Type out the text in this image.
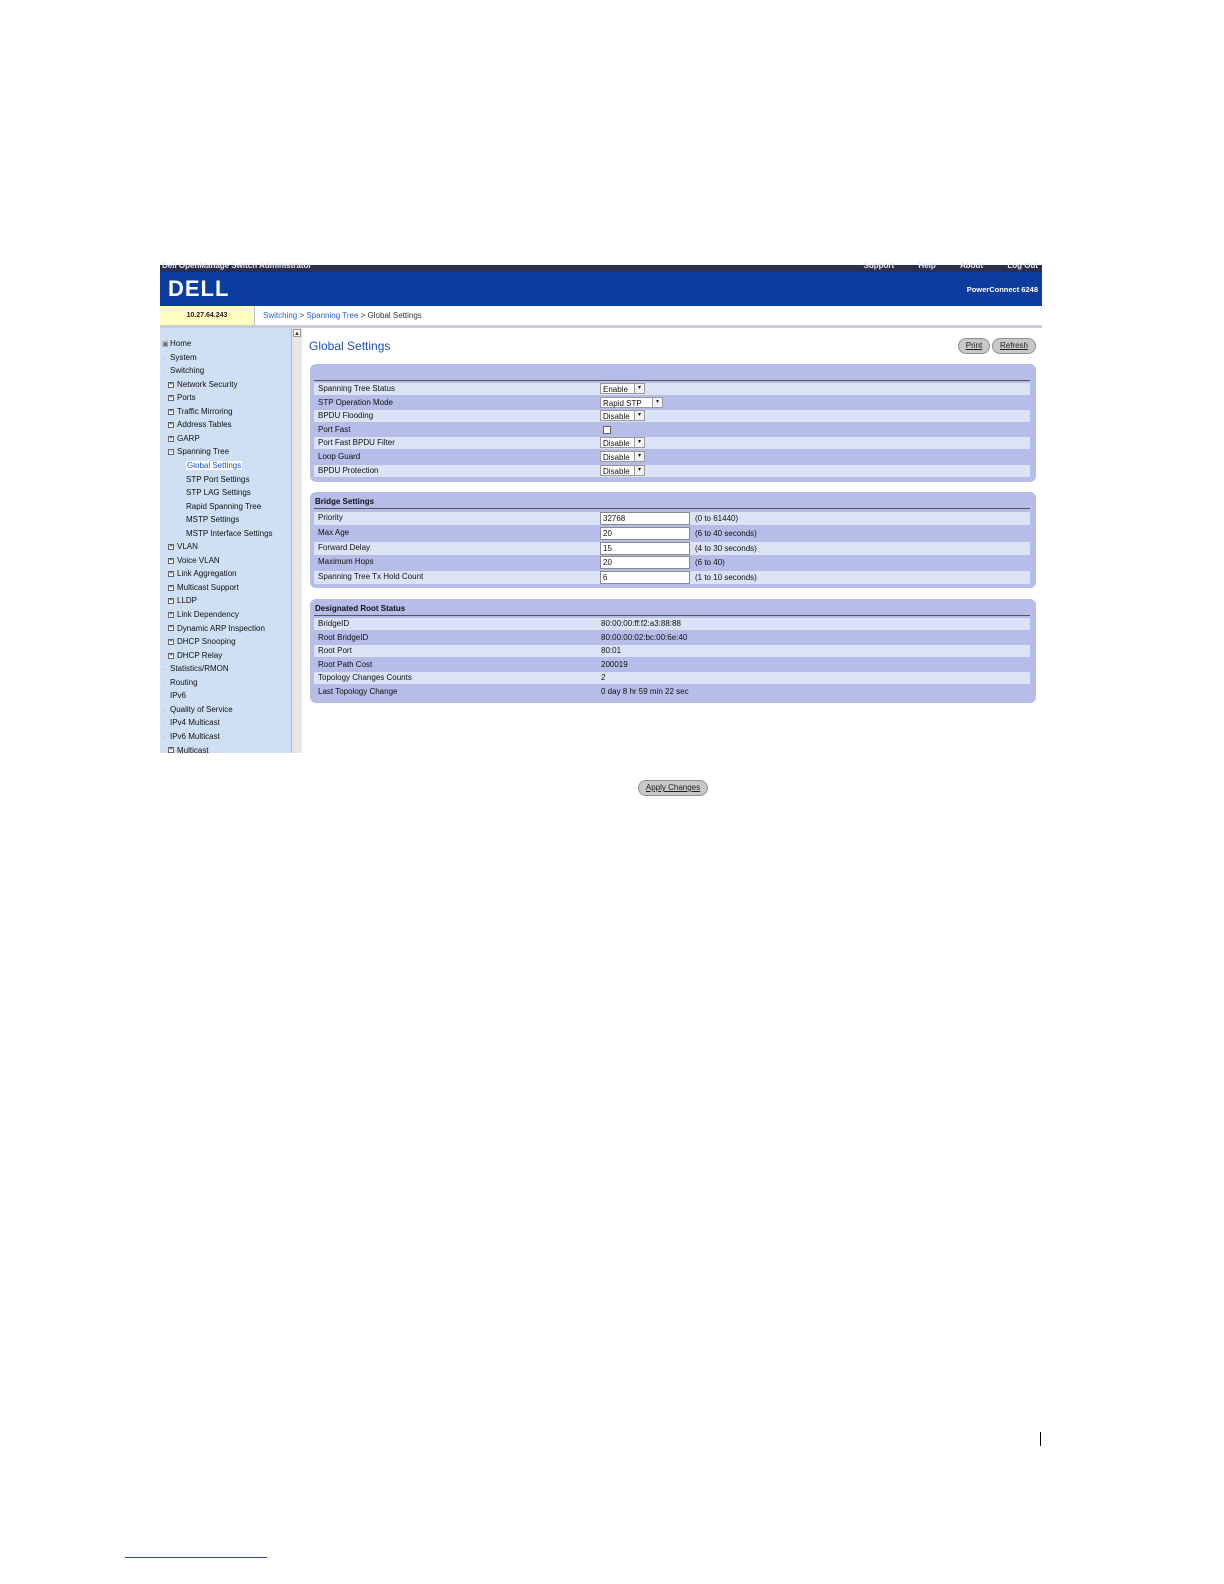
Dell OpenManage Switch Administrator	Support	Help	About	Log Out
DELL	PowerConnect 6248
10.27.64.243	Switching > Spanning Tree > Global Settings
▣Home
· System
· Switching
+ Network Security
+ Ports
+ Traffic Mirroring
+ Address Tables
+ GARP
− Spanning Tree
Global Settings
STP Port Settings
STP LAG Settings
Rapid Spanning Tree
MSTP Settings
MSTP Interface Settings
+ VLAN
+ Voice VLAN
+ Link Aggregation
+ Multicast Support
+ LLDP
+ Link Dependency
+ Dynamic ARP Inspection
+ DHCP Snooping
+ DHCP Relay
· Statistics/RMON
· Routing
· IPv6
· Quality of Service
· IPv4 Multicast
· IPv6 Multicast
+ Multicast
▲
Global Settings	Print	Refresh
Spanning Tree Status	Enable	▾
STP Operation Mode	Rapid STP	▾
BPDU Flooding	Disable	▾
Port Fast
Port Fast BPDU Filter	Disable	▾
Loop Guard	Disable	▾
BPDU Protection	Disable	▾
Bridge Settings
Priority	32768	(0 to 61440)
Max Age	20	(6 to 40 seconds)
Forward Delay	15	(4 to 30 seconds)
Maximum Hops	20	(6 to 40)
Spanning Tree Tx Hold Count	6	(1 to 10 seconds)
Designated Root Status
BridgeID	80:00:00:ff:f2:a3:88:88
Root BridgeID	80:00:00:02:bc:00:6e:40
Root Port	80:01
Root Path Cost	200019
Topology Changes Counts	2
Last Topology Change	0 day 8 hr 59 min 22 sec
Apply Changes
